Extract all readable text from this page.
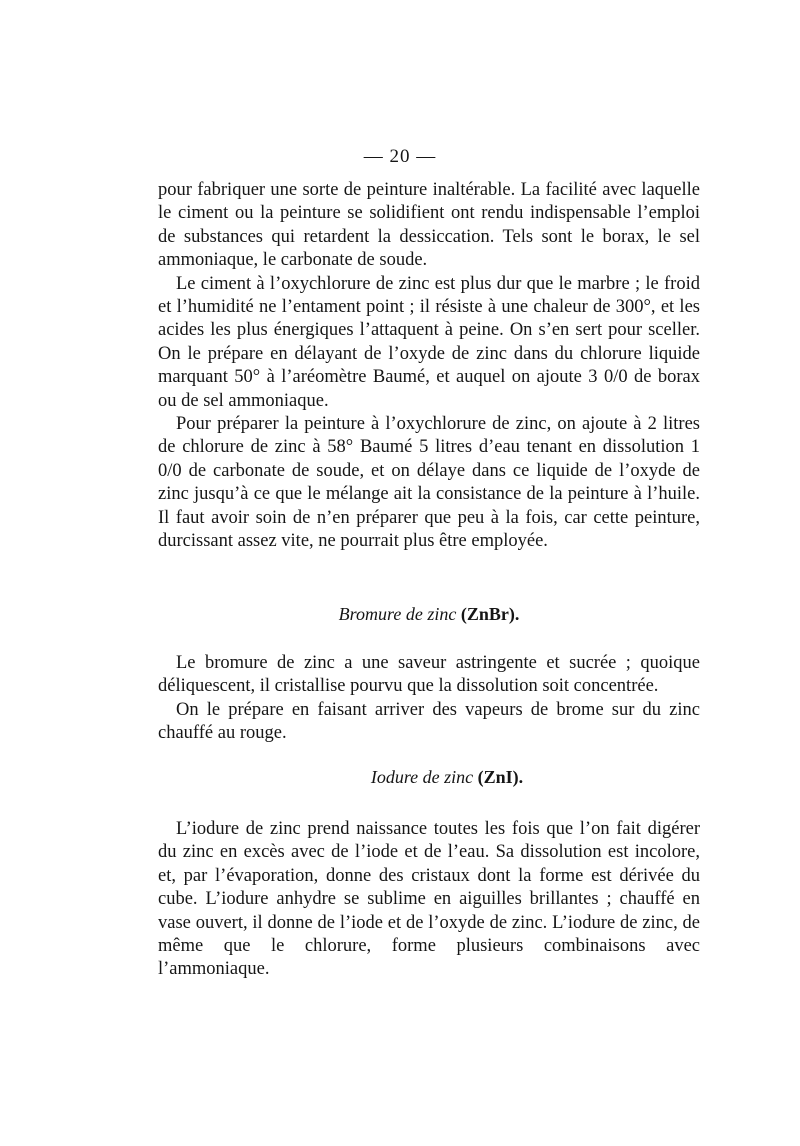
— 20 —

pour fabriquer une sorte de peinture inaltérable. La facilité avec laquelle le ciment ou la peinture se solidifient ont rendu indispensable l’emploi de substances qui retardent la dessiccation. Tels sont le borax, le sel ammoniaque, le carbonate de soude.

Le ciment à l’oxychlorure de zinc est plus dur que le marbre ; le froid et l’humidité ne l’entament point ; il résiste à une chaleur de 300°, et les acides les plus énergiques l’attaquent à peine. On s’en sert pour sceller. On le prépare en délayant de l’oxyde de zinc dans du chlorure liquide marquant 50° à l’aréomètre Baumé, et auquel on ajoute 3 0/0 de borax ou de sel ammoniaque.

Pour préparer la peinture à l’oxychlorure de zinc, on ajoute à 2 litres de chlorure de zinc à 58° Baumé 5 litres d’eau tenant en dissolution 1 0/0 de carbonate de soude, et on délaye dans ce liquide de l’oxyde de zinc jusqu’à ce que le mélange ait la consistance de la peinture à l’huile. Il faut avoir soin de n’en préparer que peu à la fois, car cette peinture, durcissant assez vite, ne pourrait plus être employée.

Bromure de zinc (ZnBr).

Le bromure de zinc a une saveur astringente et sucrée ; quoique déliquescent, il cristallise pourvu que la dissolution soit concentrée.

On le prépare en faisant arriver des vapeurs de brome sur du zinc chauffé au rouge.

Iodure de zinc (ZnI).

L’iodure de zinc prend naissance toutes les fois que l’on fait digérer du zinc en excès avec de l’iode et de l’eau. Sa dissolution est incolore, et, par l’évaporation, donne des cristaux dont la forme est dérivée du cube. L’iodure anhydre se sublime en aiguilles brillantes ; chauffé en vase ouvert, il donne de l’iode et de l’oxyde de zinc. L’iodure de zinc, de même que le chlorure, forme plusieurs combinaisons avec l’ammoniaque.
